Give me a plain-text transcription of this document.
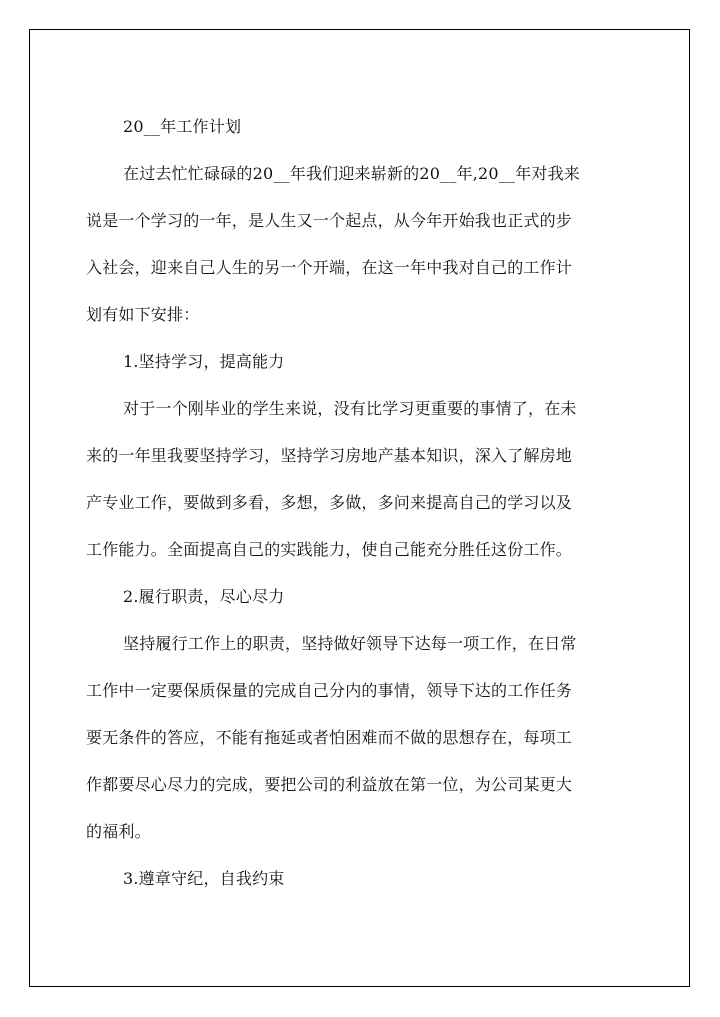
20__年工作计划
在过去忙忙碌碌的20__年我们迎来崭新的20__年,20__年对我来
说是一个学习的一年，是人生又一个起点，从今年开始我也正式的步
入社会，迎来自己人生的另一个开端，在这一年中我对自己的工作计
划有如下安排：
1.坚持学习，提高能力
对于一个刚毕业的学生来说，没有比学习更重要的事情了，在未
来的一年里我要坚持学习，坚持学习房地产基本知识，深入了解房地
产专业工作，要做到多看，多想，多做，多问来提高自己的学习以及
工作能力。全面提高自己的实践能力，使自己能充分胜任这份工作。
2.履行职责，尽心尽力
坚持履行工作上的职责，坚持做好领导下达每一项工作，在日常
工作中一定要保质保量的完成自己分内的事情，领导下达的工作任务
要无条件的答应，不能有拖延或者怕困难而不做的思想存在，每项工
作都要尽心尽力的完成，要把公司的利益放在第一位，为公司某更大
的福利。
3.遵章守纪，自我约束
